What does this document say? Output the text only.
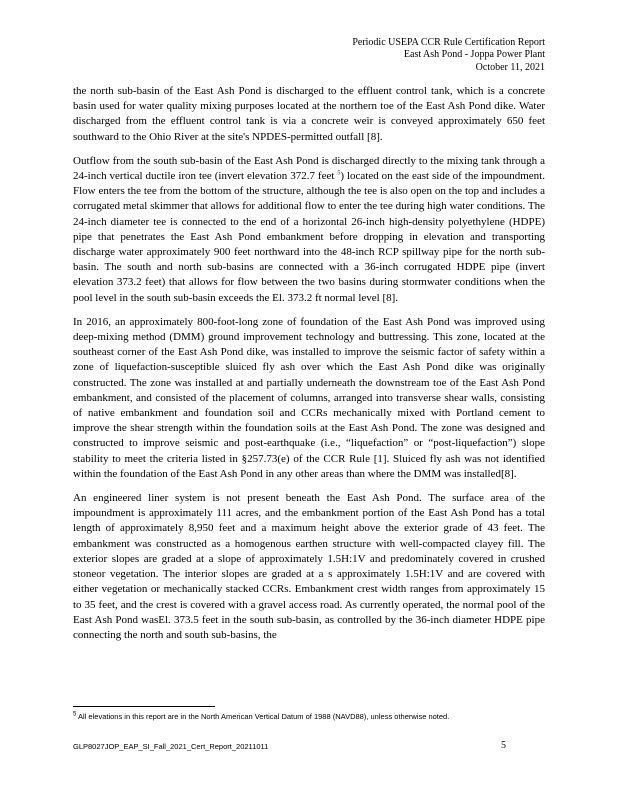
Periodic USEPA CCR Rule Certification Report
East Ash Pond - Joppa Power Plant
October 11, 2021

the north sub-basin of the East Ash Pond is discharged to the effluent control tank, which is a concrete basin used for water quality mixing purposes located at the northern toe of the East Ash Pond dike. Water discharged from the effluent control tank is via a concrete weir is conveyed approximately 650 feet southward to the Ohio River at the site's NPDES-permitted outfall [8].

Outflow from the south sub-basin of the East Ash Pond is discharged directly to the mixing tank through a 24-inch vertical ductile iron tee (invert elevation 372.7 feet $^5$) located on the east side of the impoundment. Flow enters the tee from the bottom of the structure, although the tee is also open on the top and includes a corrugated metal skimmer that allows for additional flow to enter the tee during high water conditions. The 24-inch diameter tee is connected to the end of a horizontal 26-inch high-density polyethylene (HDPE) pipe that penetrates the East Ash Pond embankment before dropping in elevation and transporting discharge water approximately 900 feet northward into the 48-inch RCP spillway pipe for the north sub-basin. The south and north sub-basins are connected with a 36-inch corrugated HDPE pipe (invert elevation 373.2 feet) that allows for flow between the two basins during stormwater conditions when the pool level in the south sub-basin exceeds the El. 373.2 ft normal level [8].

In 2016, an approximately 800-foot-long zone of foundation of the East Ash Pond was improved using deep-mixing method (DMM) ground improvement technology and buttressing. This zone, located at the southeast corner of the East Ash Pond dike, was installed to improve the seismic factor of safety within a zone of liquefaction-susceptible sluiced fly ash over which the East Ash Pond dike was originally constructed. The zone was installed at and partially underneath the downstream toe of the East Ash Pond embankment, and consisted of the placement of columns, arranged into transverse shear walls, consisting of native embankment and foundation soil and CCRs mechanically mixed with Portland cement to improve the shear strength within the foundation soils at the East Ash Pond. The zone was designed and constructed to improve seismic and post-earthquake (i.e., “liquefaction” or “post-liquefaction”) slope stability to meet the criteria listed in §257.73(e) of the CCR Rule [1]. Sluiced fly ash was not identified within the foundation of the East Ash Pond in any other areas than where the DMM was installed[8].

An engineered liner system is not present beneath the East Ash Pond. The surface area of the impoundment is approximately 111 acres, and the embankment portion of the East Ash Pond has a total length of approximately 8,950 feet and a maximum height above the exterior grade of 43 feet. The embankment was constructed as a homogenous earthen structure with well-compacted clayey fill. The exterior slopes are graded at a slope of approximately 1.5H:1V and predominately covered in crushed stoneor vegetation. The interior slopes are graded at a s approximately 1.5H:1V and are covered with either vegetation or mechanically stacked CCRs. Embankment crest width ranges from approximately 15 to 35 feet, and the crest is covered with a gravel access road. As currently operated, the normal pool of the East Ash Pond wasEl. 373.5 feet in the south sub-basin, as controlled by the 36-inch diameter HDPE pipe connecting the north and south sub-basins, the

$^5$ All elevations in this report are in the North American Vertical Datum of 1988 (NAVD88), unless otherwise noted.
GLP8027JOP_EAP_SI_Fall_2021_Cert_Report_20211011	5
